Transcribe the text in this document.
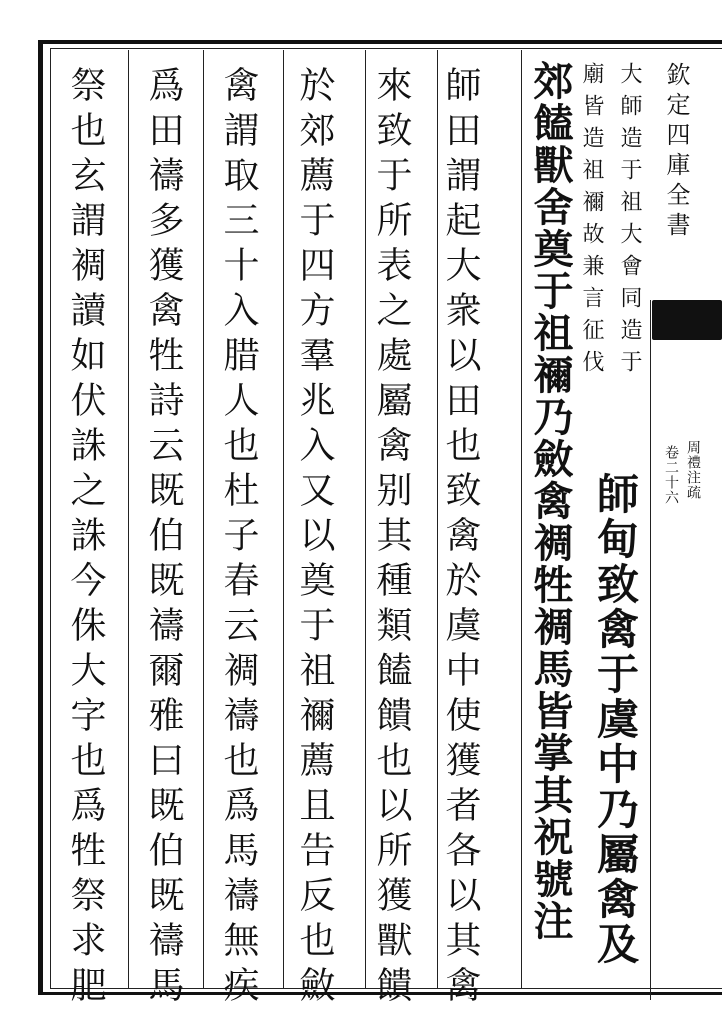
欽定四庫全書
周禮注疏
卷二十六
大師造于祖大會同造于
廟皆造祖禰故兼言征伐
郊饁獸舍奠于祖禰乃斂禽裯牲裯馬皆掌其祝號注 師甸致禽于虞中乃屬禽及
師田謂起大衆以田也致禽於虞中使獲者各以其禽
來致于所表之處屬禽别其種類饁饋也以所獲獸饋
於郊薦于四方羣兆入又以奠于祖禰薦且告反也斂
禽謂取三十入腊人也杜子春云裯禱也爲馬禱無疾
爲田禱多獲禽牲詩云既伯既禱爾雅曰既伯既禱馬
祭也玄謂裯讀如伏誅之誅今侏大字也爲牲祭求肥
